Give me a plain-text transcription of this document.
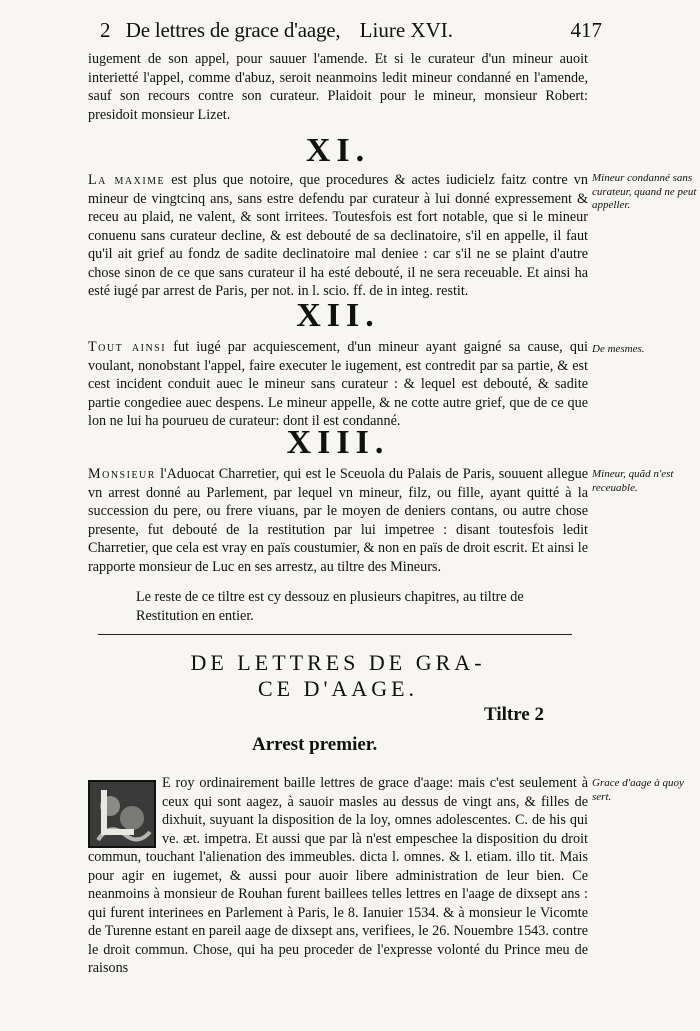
2 De lettres de grace d'aage, Liure XVI.	417

iugement de son appel, pour sauuer l'amende. Et si le curateur d'un mineur auoit interietté l'appel, comme d'abuz, seroit neanmoins ledit mineur condanné en l'amende, sauf son recours contre son curateur. Plaidoit pour le mineur, monsieur Robert: presidoit monsieur Lizet.

XI.

La maxime est plus que notoire, que procedures & actes iudicielz faitz contre vn mineur de vingtcinq ans, sans estre defendu par curateur à lui donné expressement & receu au plaid, ne valent, & sont irritees. Toutesfois est fort notable, que si le mineur conuenu sans curateur decline, & est debouté de sa declinatoire, s'il en appelle, il faut qu'il ait grief au fondz de sadite declinatoire mal deniee : car s'il ne se plaint d'autre chose sinon de ce que sans curateur il ha esté debouté, il ne sera receuable. Et ainsi ha esté iugé par arrest de Paris, per not. in l. scio. ff. de in integ. restit.

Mineur condanné sans curateur, quand ne peut appeller.
XII.

Tout ainsi fut iugé par acquiescement, d'un mineur ayant gaigné sa cause, qui voulant, nonobstant l'appel, faire executer le iugement, est contredit par sa partie, & est cest incident conduit auec le mineur sans curateur : & lequel est debouté, & sadite partie congediee auec despens. Le mineur appelle, & ne cotte autre grief, que de ce que lon ne lui ha pourueu de curateur: dont il est condanné.

De mesmes.
XIII.

Monsieur l'Aduocat Charretier, qui est le Sceuola du Palais de Paris, souuent allegue vn arrest donné au Parlement, par lequel vn mineur, filz, ou fille, ayant quitté à la succession du pere, ou frere viuans, par le moyen de deniers contans, ou autre chose presente, fut debouté de la restitution par lui impetree : disant toutesfois ledit Charretier, que cela est vray en païs coustumier, & non en païs de droit escrit. Et ainsi le rapporte monsieur de Luc en ses arrestz, au tiltre des Mineurs.

Mineur, quãd n'est receuable.

Le reste de ce tiltre est cy dessouz en plusieurs chapitres, au tiltre de Restitution en entier.

DE LETTRES DE GRA-
CE D'AAGE.
Tiltre 2
Arrest premier.

E roy ordinairement baille lettres de grace d'aage: mais c'est seulement à ceux qui sont aagez, à sauoir masles au dessus de vingt ans, & filles de dixhuit, suyuant la disposition de la loy, omnes adolescentes. C. de his qui ve. æt. impetra. Et aussi que par là n'est empeschee la disposition du droit commun, touchant l'alienation des immeubles. dicta l. omnes. & l. etiam. illo tit. Mais pour agir en iugemet, & aussi pour auoir libere administration de leur bien. Ce neanmoins à monsieur de Rouhan furent baillees telles lettres en l'aage de dixsept ans : qui furent interinees en Parlement à Paris, le 8. Ianuier 1534. & à monsieur le Vicomte de Turenne estant en pareil aage de dixsept ans, verifiees, le 26. Nouembre 1543. contre le droit commun. Chose, qui ha peu proceder de l'expresse volonté du Prince meu de raisons

Grace d'aage à quoy sert.
